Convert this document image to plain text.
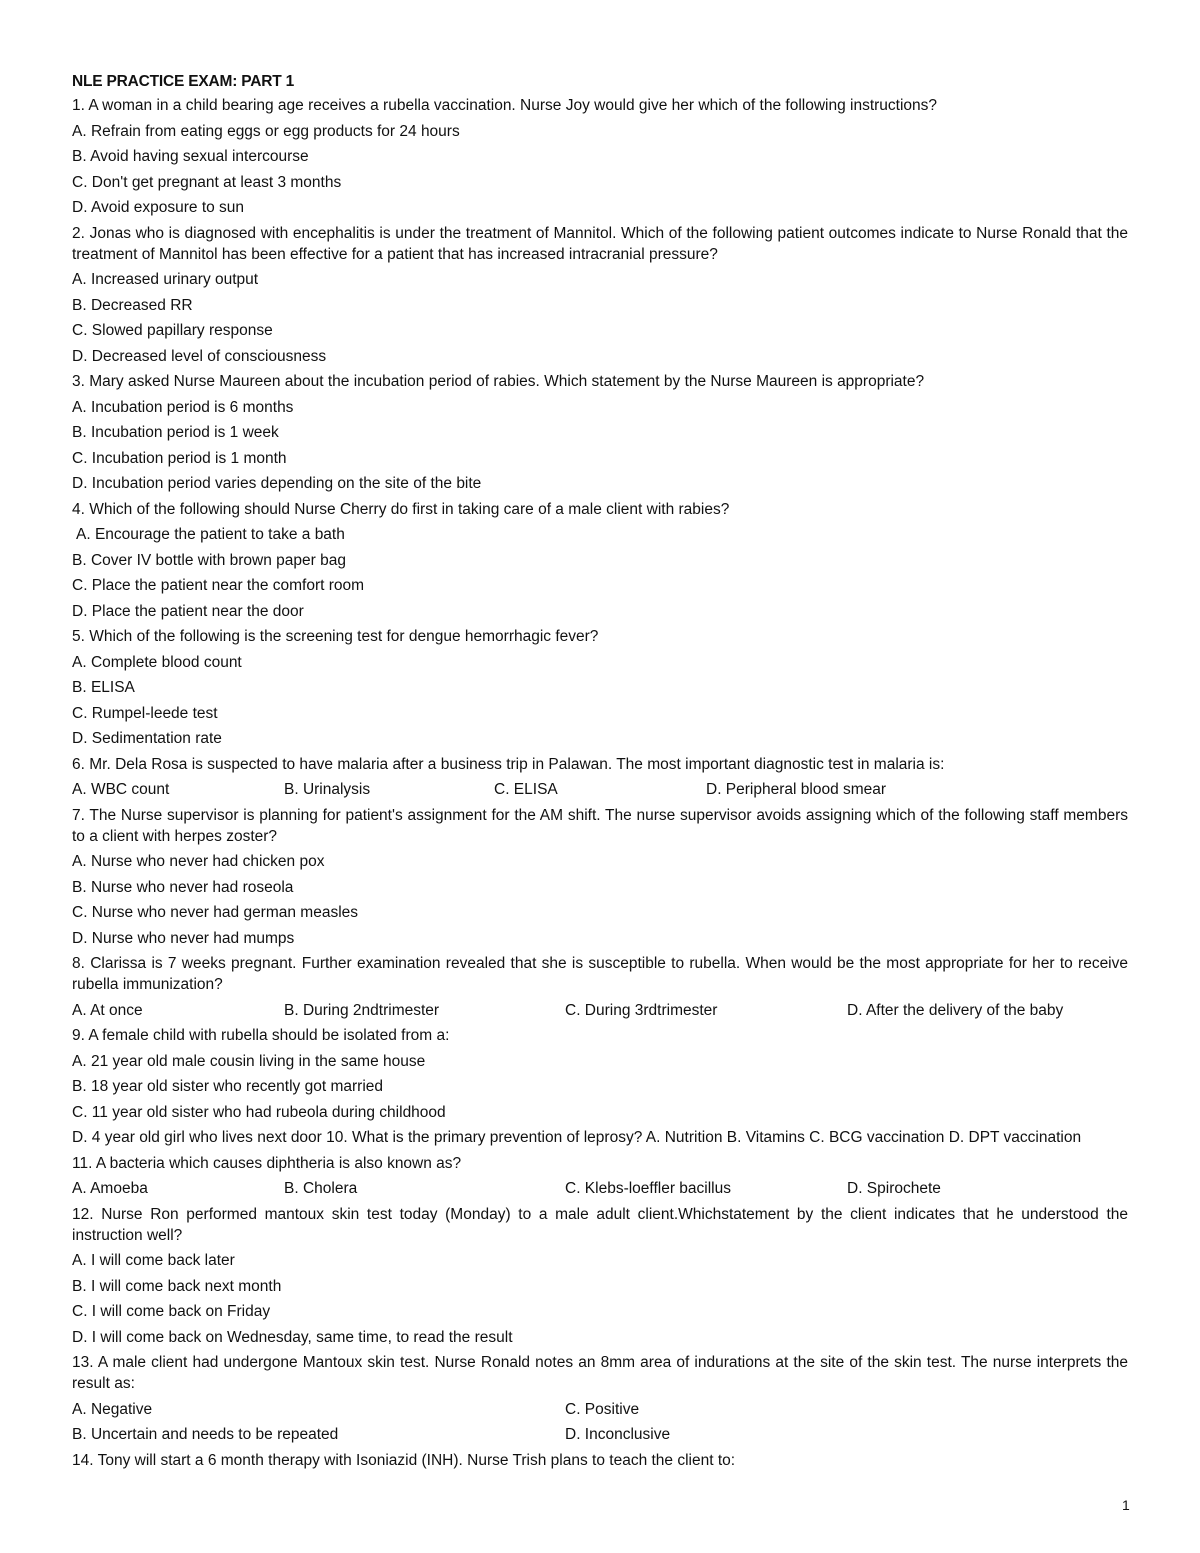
NLE PRACTICE EXAM: PART 1
1. A woman in a child bearing age receives a rubella vaccination. Nurse Joy would give her which of the following instructions?
A. Refrain from eating eggs or egg products for 24 hours
B. Avoid having sexual intercourse
C. Don't get pregnant at least 3 months
D. Avoid exposure to sun
2. Jonas who is diagnosed with encephalitis is under the treatment of Mannitol. Which of the following patient outcomes indicate to Nurse Ronald that the treatment of Mannitol has been effective for a patient that has increased intracranial pressure?
A. Increased urinary output
B. Decreased RR
C. Slowed papillary response
D. Decreased level of consciousness
3. Mary asked Nurse Maureen about the incubation period of rabies. Which statement by the Nurse Maureen is appropriate?
A. Incubation period is 6 months
B. Incubation period is 1 week
C. Incubation period is 1 month
D. Incubation period varies depending on the site of the bite
4. Which of the following should Nurse Cherry do first in taking care of a male client with rabies?
A. Encourage the patient to take a bath
B. Cover IV bottle with brown paper bag
C. Place the patient near the comfort room
D. Place the patient near the door
5. Which of the following is the screening test for dengue hemorrhagic fever?
A. Complete blood count
B. ELISA
C. Rumpel-leede test
D. Sedimentation rate
6. Mr. Dela Rosa is suspected to have malaria after a business trip in Palawan. The most important diagnostic test in malaria is:
A. WBC count	B. Urinalysis	C. ELISA	D. Peripheral blood smear
7. The Nurse supervisor is planning for patient's assignment for the AM shift. The nurse supervisor avoids assigning which of the following staff members to a client with herpes zoster?
A. Nurse who never had chicken pox
B. Nurse who never had roseola
C. Nurse who never had german measles
D. Nurse who never had mumps
8. Clarissa is 7 weeks pregnant. Further examination revealed that she is susceptible to rubella. When would be the most appropriate for her to receive rubella immunization?
A. At once	B. During 2ndtrimester	C. During 3rdtrimester	D. After the delivery of the baby
9. A female child with rubella should be isolated from a:
A. 21 year old male cousin living in the same house
B. 18 year old sister who recently got married
C. 11 year old sister who had rubeola during childhood
D. 4 year old girl who lives next door 10. What is the primary prevention of leprosy? A. Nutrition B. Vitamins C. BCG vaccination D. DPT vaccination
11. A bacteria which causes diphtheria is also known as?
A. Amoeba	B. Cholera	C. Klebs-loeffler bacillus	D. Spirochete
12. Nurse Ron performed mantoux skin test today (Monday) to a male adult client.Whichstatement by the client indicates that he understood the instruction well?
A. I will come back later
B. I will come back next month
C. I will come back on Friday
D. I will come back on Wednesday, same time, to read the result
13. A male client had undergone Mantoux skin test. Nurse Ronald notes an 8mm area of indurations at the site of the skin test. The nurse interprets the result as:
A. Negative	C. Positive
B. Uncertain and needs to be repeated	D. Inconclusive
14. Tony will start a 6 month therapy with Isoniazid (INH). Nurse Trish plans to teach the client to:
1
